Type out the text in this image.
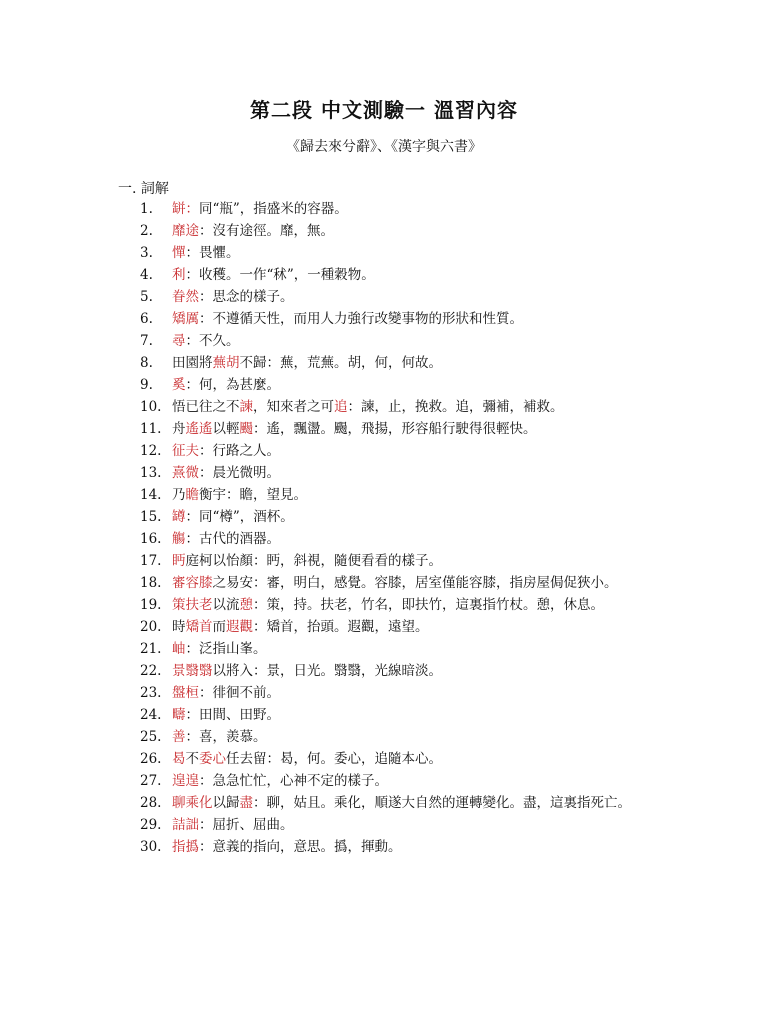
第二段 中文測驗一 溫習內容
《歸去來兮辭》、《漢字與六書》
一. 詞解
1.	缾：同“瓶”，指盛米的容器。
2.	靡途：沒有途徑。靡，無。
3.	憚：畏懼。
4.	利：收穫。一作“秫”，一種穀物。
5.	眷然：思念的樣子。
6.	矯厲：不遵循天性，而用人力強行改變事物的形狀和性質。
7.	尋：不久。
8.	田園將蕪胡不歸：蕪，荒蕪。胡，何，何故。
9.	奚：何，為甚麼。
10. 悟已往之不諫，知來者之可追：諫，止，挽救。追，彌補，補救。
11. 舟遙遙以輕颺：遙，飄盪。颺，飛揚，形容船行駛得很輕快。
12. 征夫：行路之人。
13. 熹微：晨光微明。
14. 乃瞻衡宇：瞻，望見。
15. 罇：同“樽”，酒杯。
16. 觴：古代的酒器。
17. 眄庭柯以怡顏：眄，斜視，隨便看看的樣子。
18. 審容膝之易安：審，明白，感覺。容膝，居室僅能容膝，指房屋侷促狹小。
19. 策扶老以流憩：策，持。扶老，竹名，即扶竹，這裏指竹杖。憩，休息。
20. 時矯首而遐觀：矯首，抬頭。遐觀，遠望。
21. 岫：泛指山峯。
22. 景翳翳以將入：景，日光。翳翳，光線暗淡。
23. 盤桓：徘徊不前。
24. 疇：田間、田野。
25. 善：喜，羨慕。
26. 曷不委心任去留：曷，何。委心，追隨本心。
27. 遑遑：急急忙忙，心神不定的樣子。
28. 聊乘化以歸盡：聊，姑且。乘化，順遂大自然的運轉變化。盡，這裏指死亡。
29. 詰詘：屈折、屈曲。
30. 指撝：意義的指向，意思。撝，揮動。
